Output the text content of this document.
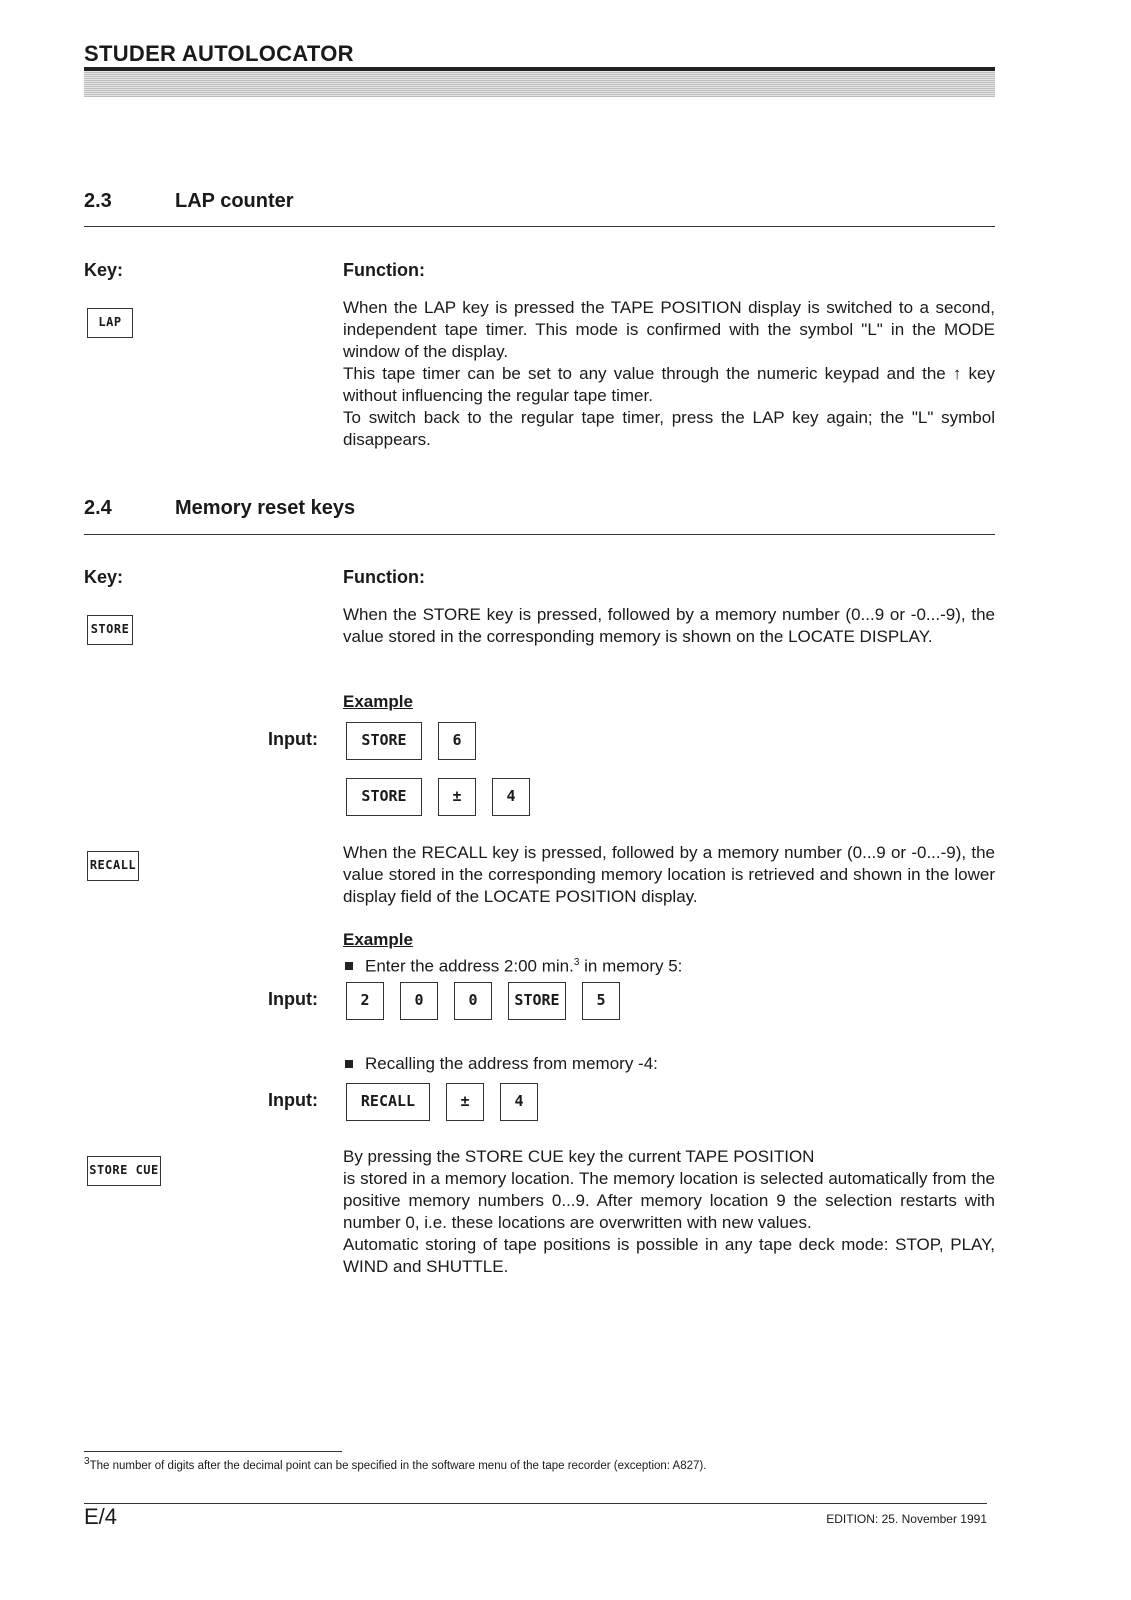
STUDER AUTOLOCATOR
2.3	LAP counter
Key:	Function:
LAP

When the LAP key is pressed the TAPE POSITION display is switched to a second, independent tape timer. This mode is confirmed with the symbol "L" in the MODE window of the display.

This tape timer can be set to any value through the numeric keypad and the ↑ key without influencing the regular tape timer.

To switch back to the regular tape timer, press the LAP key again; the "L" symbol disappears.

2.4	Memory reset keys
Key:	Function:
STORE
When the STORE key is pressed, followed by a memory number (0...9 or -0...-9), the value stored in the corresponding memory is shown on the LOCATE DISPLAY.
Example
Input:	STORE	6
STORE	±	4
RECALL
When the RECALL key is pressed, followed by a memory number (0...9 or -0...-9), the value stored in the corresponding memory location is retrieved and shown in the lower display field of the LOCATE POSITION display.
Example
Enter the address 2:00 min.$^3$ in memory 5:
Input:	2	0	0	STORE	5
Recalling the address from memory -4:
Input:	RECALL	±	4
STORE CUE

By pressing the STORE CUE key the current TAPE POSITION

is stored in a memory location. The memory location is selected automatically from the positive memory numbers 0...9. After memory location 9 the selection restarts with number 0, i.e. these locations are overwritten with new values.

Automatic storing of tape positions is possible in any tape deck mode: STOP, PLAY, WIND and SHUTTLE.

$^3$The number of digits after the decimal point can be specified in the software menu of the tape recorder (exception: A827).
E/4	EDITION: 25. November 1991
